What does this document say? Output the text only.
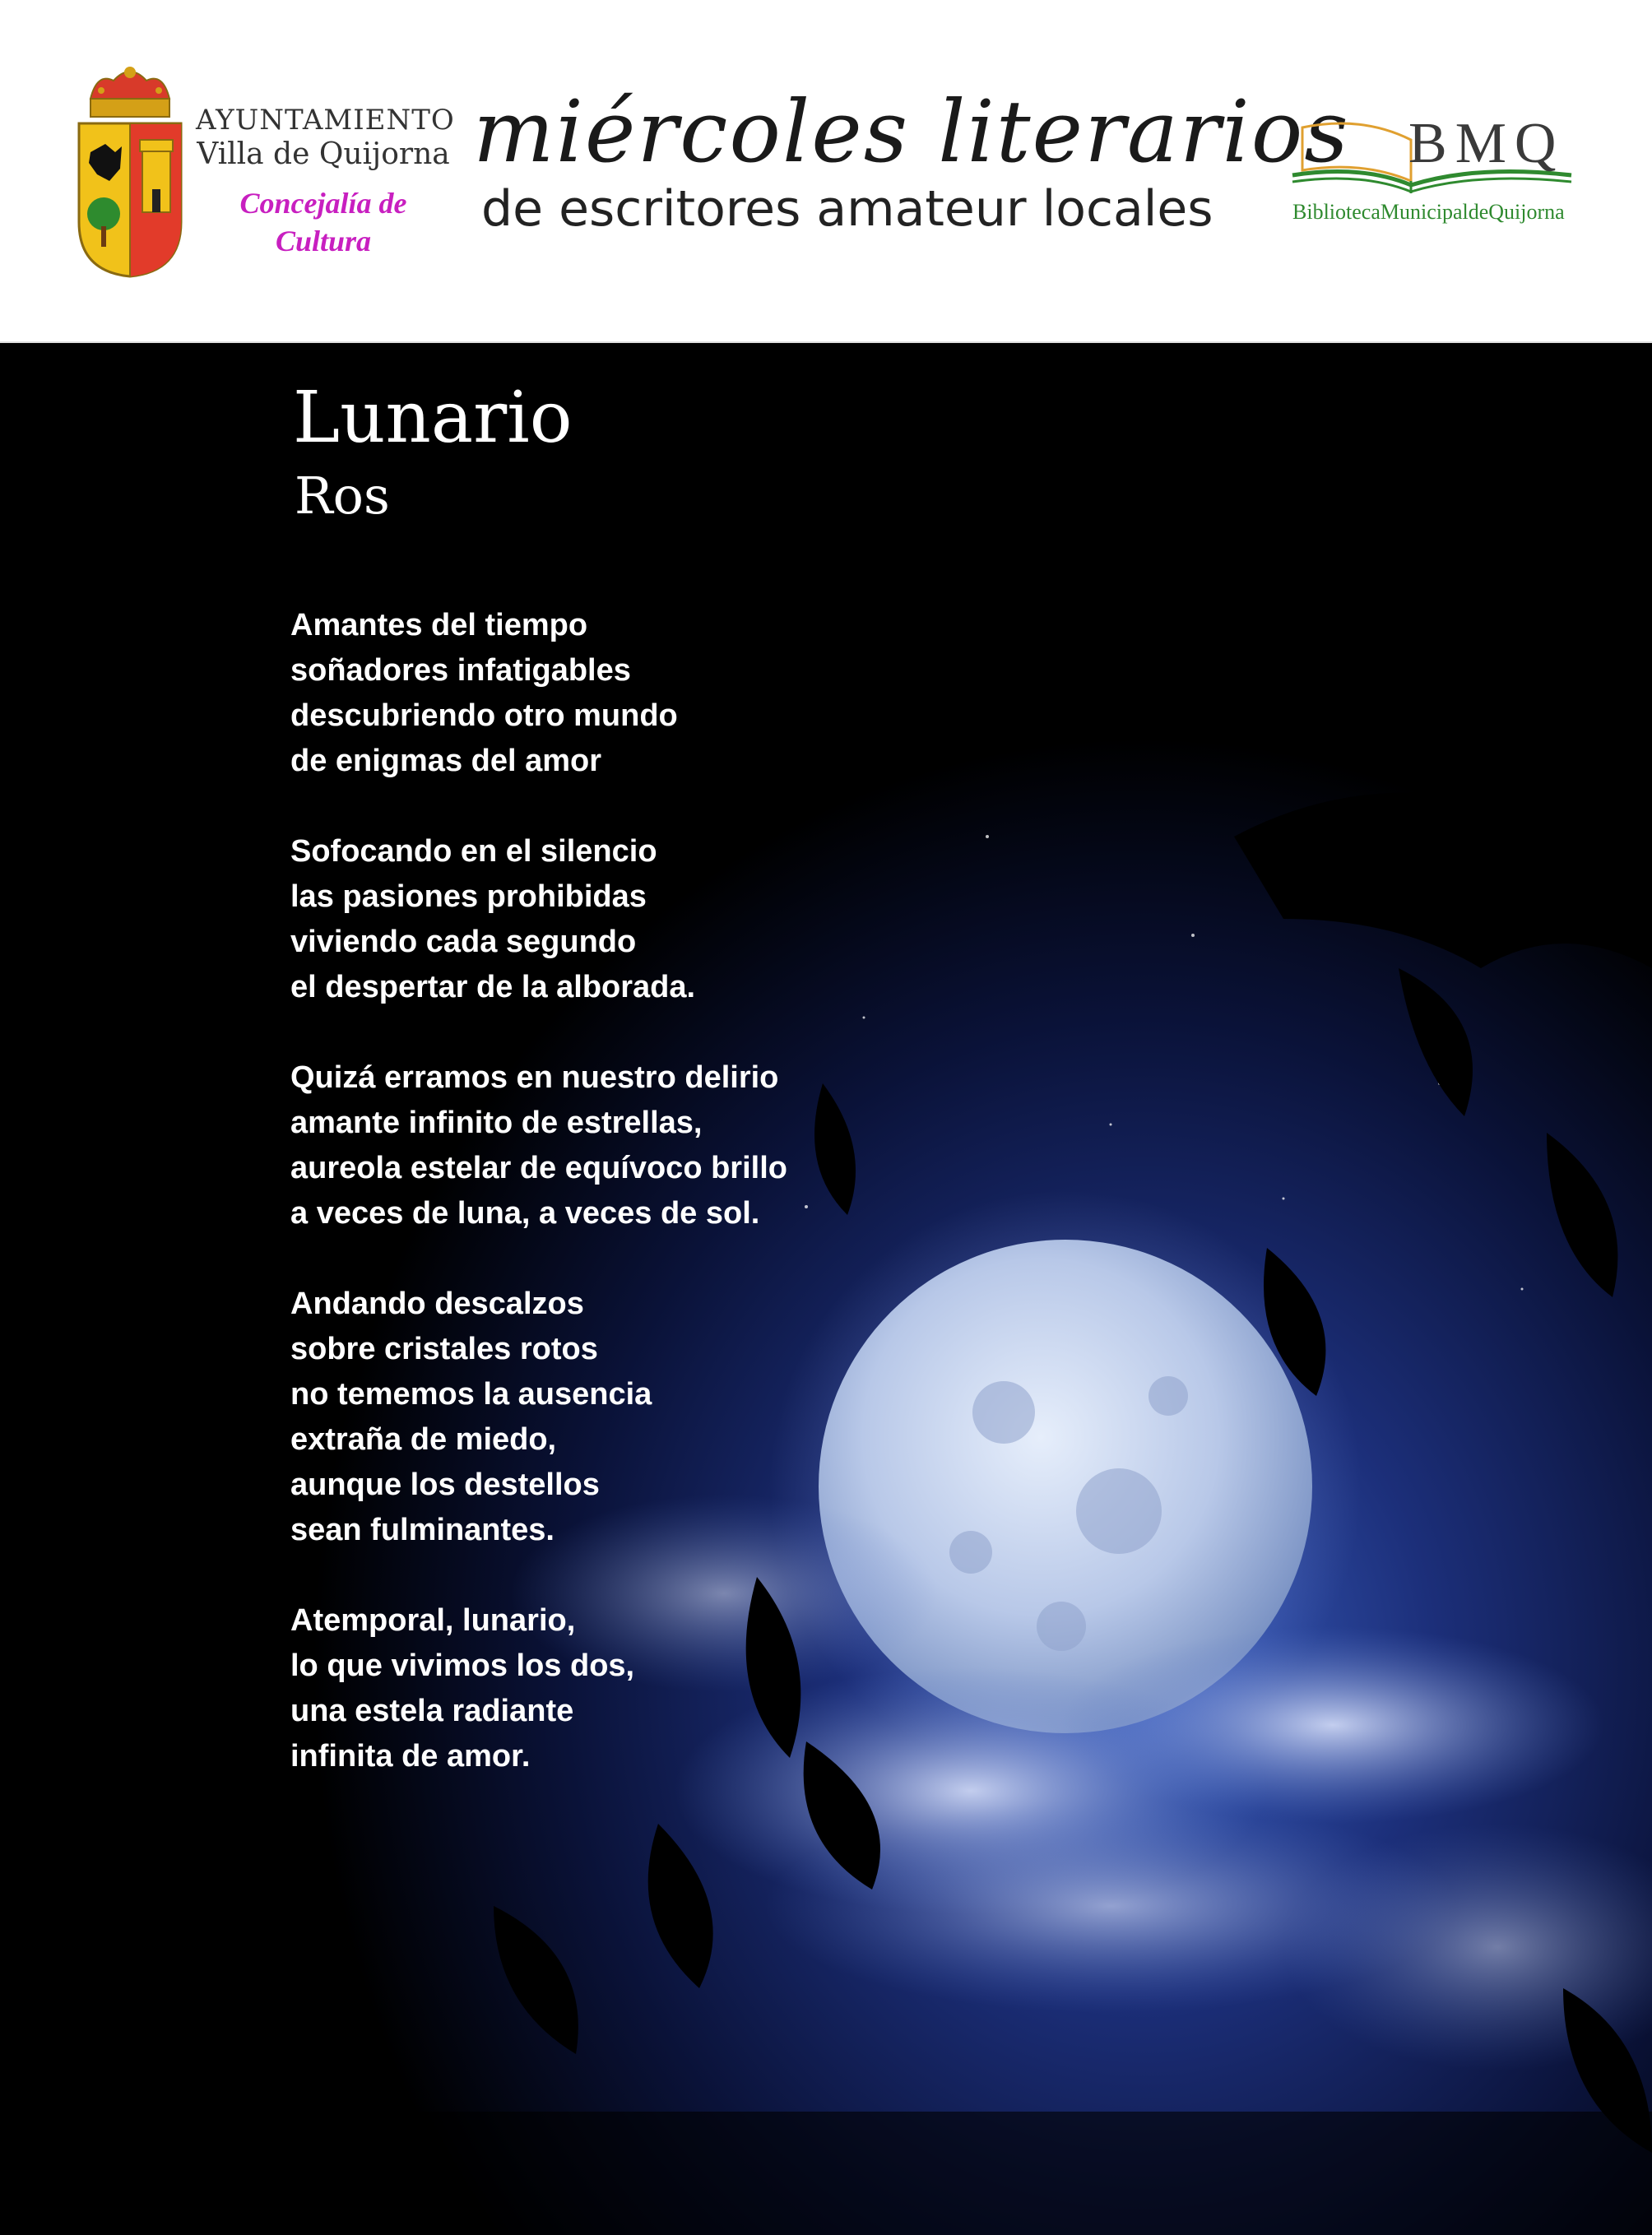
AYUNTAMIENTO
Villa de Quijorna
Concejalía de
Cultura
miércoles literarios
de escritores amateur locales
BMQ
BibliotecaMunicipaldeQuijorna
Lunario
Ros
Amantes del tiempo
soñadores infatigables
descubriendo otro mundo
de enigmas del amor
Sofocando en el silencio
las pasiones prohibidas
viviendo cada segundo
el despertar de la alborada.
Quizá erramos en nuestro delirio
amante infinito de estrellas,
aureola estelar de equívoco brillo
a veces de luna, a veces de sol.
Andando descalzos
sobre cristales rotos
no tememos la ausencia
extraña de miedo,
aunque los destellos
sean fulminantes.
Atemporal, lunario,
lo que vivimos los dos,
una estela radiante
infinita de amor.
